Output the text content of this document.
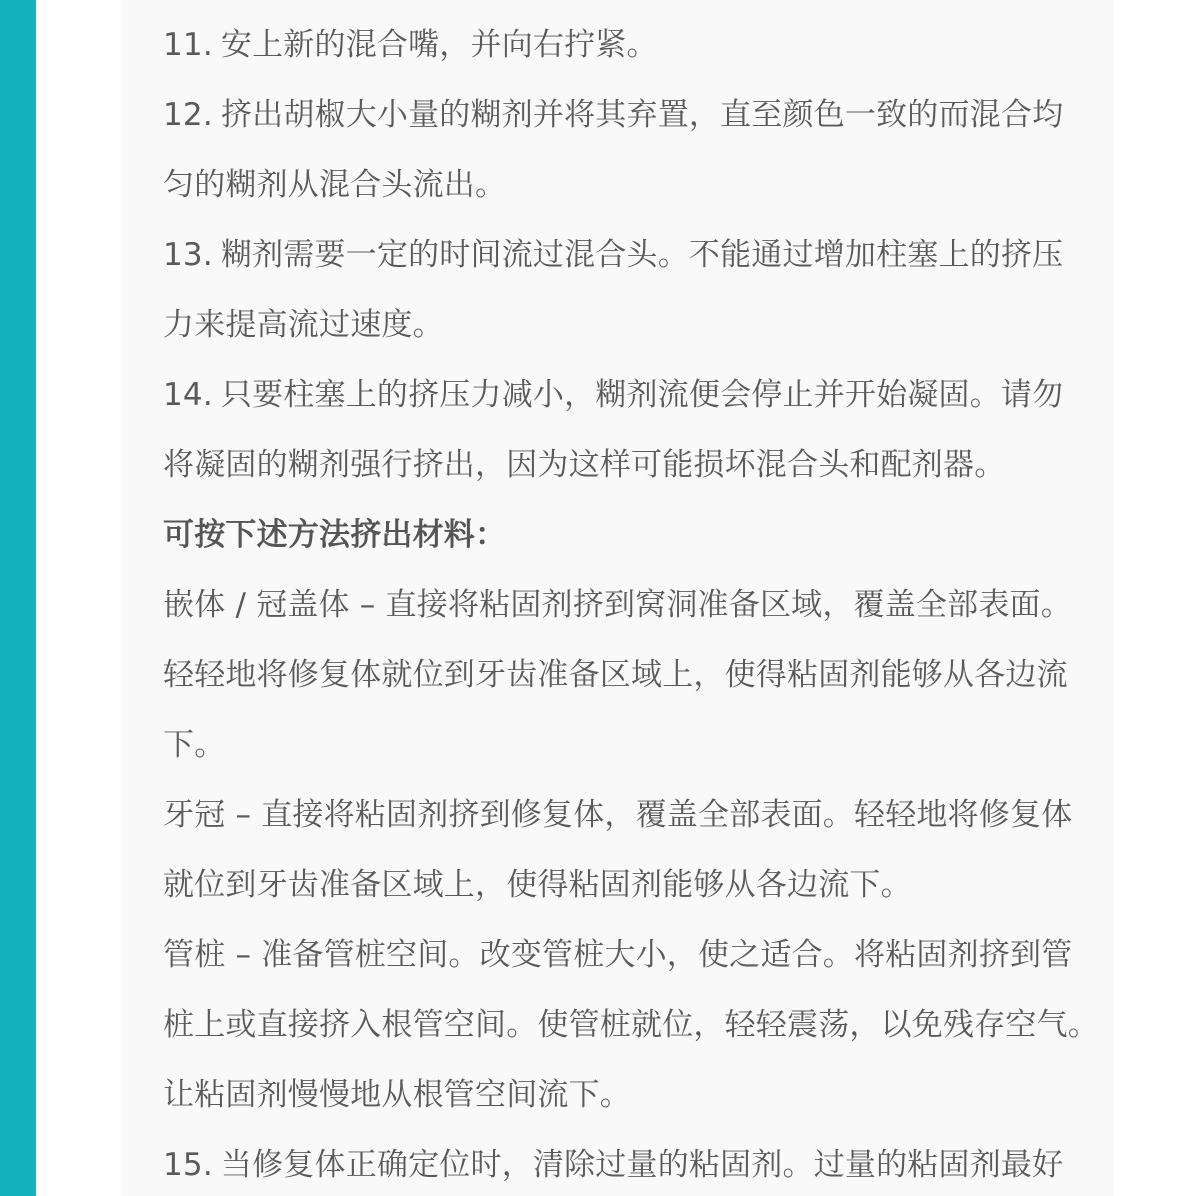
11. 安上新的混合嘴，并向右拧紧。

12. 挤出胡椒大小量的糊剂并将其弃置，直至颜色一致的而混合均

匀的糊剂从混合头流出。

13. 糊剂需要一定的时间流过混合头。不能通过增加柱塞上的挤压

力来提高流过速度。

14. 只要柱塞上的挤压力减小，糊剂流便会停止并开始凝固。请勿

将凝固的糊剂强行挤出，因为这样可能损坏混合头和配剂器。

可按下述方法挤出材料：

嵌体 / 冠盖体 – 直接将粘固剂挤到窝洞准备区域，覆盖全部表面。

轻轻地将修复体就位到牙齿准备区域上，使得粘固剂能够从各边流

下。

牙冠 – 直接将粘固剂挤到修复体，覆盖全部表面。轻轻地将修复体

就位到牙齿准备区域上，使得粘固剂能够从各边流下。

管桩 – 准备管桩空间。改变管桩大小，使之适合。将粘固剂挤到管

桩上或直接挤入根管空间。使管桩就位，轻轻震荡，以免残存空气。

让粘固剂慢慢地从根管空间流下。

15. 当修复体正确定位时，清除过量的粘固剂。过量的粘固剂最好
